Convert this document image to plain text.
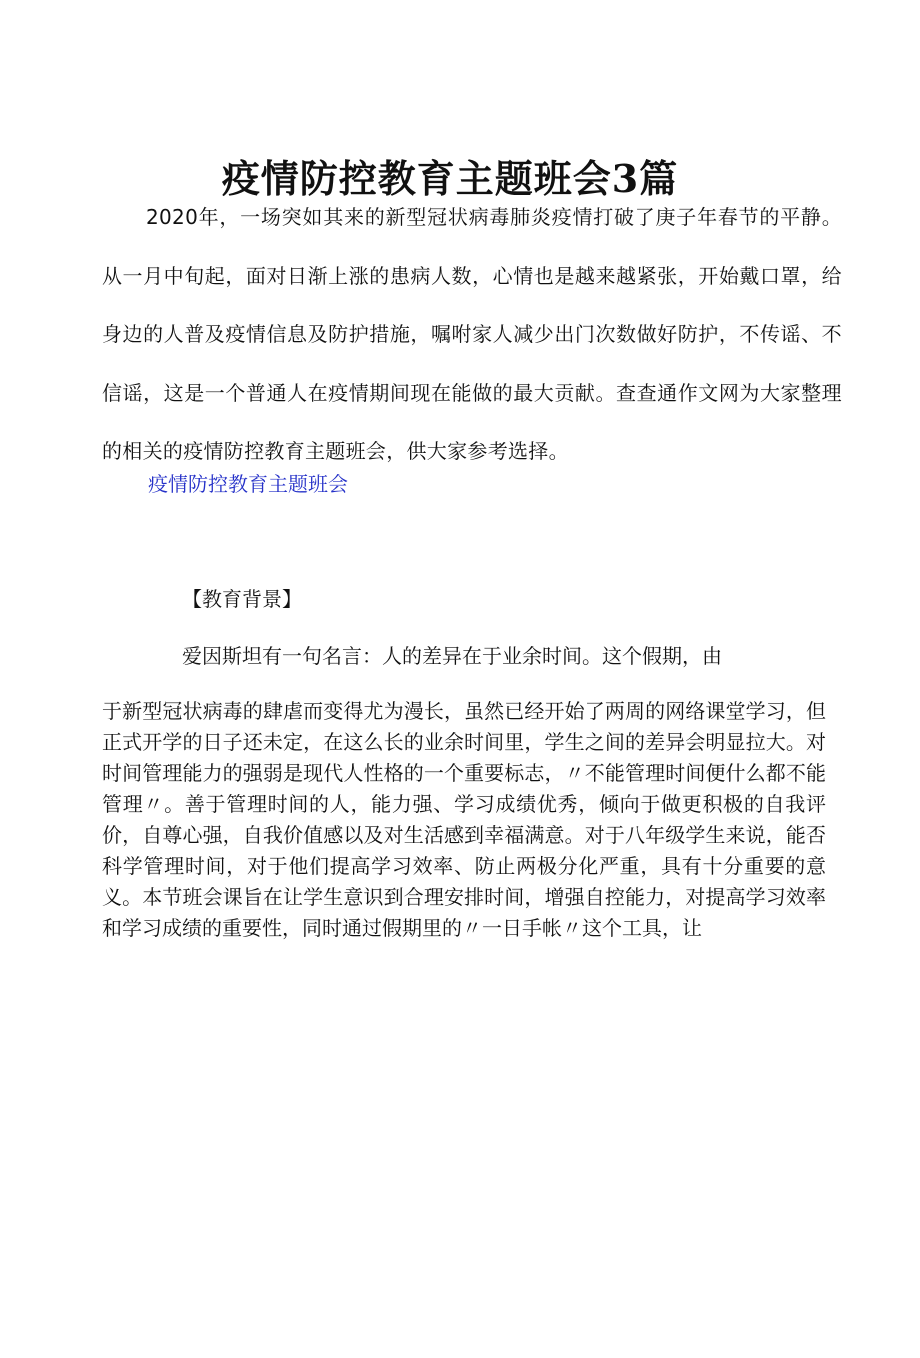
疫情防控教育主题班会3篇

2020年，一场突如其来的新型冠状病毒肺炎疫情打破了庚子年春节的平静。从一月中旬起，面对日渐上涨的患病人数，心情也是越来越紧张，开始戴口罩，给身边的人普及疫情信息及防护措施，嘱咐家人减少出门次数做好防护，不传谣、不信谣，这是一个普通人在疫情期间现在能做的最大贡献。查查通作文网为大家整理的相关的疫情防控教育主题班会，供大家参考选择。

疫情防控教育主题班会
【教育背景】
爱因斯坦有一句名言：人的差异在于业余时间。这个假期，由

于新型冠状病毒的肆虐而变得尤为漫长，虽然已经开始了两周的网络课堂学习，但正式开学的日子还未定，在这么长的业余时间里，学生之间的差异会明显拉大。对时间管理能力的强弱是现代人性格的一个重要标志，〃不能管理时间便什么都不能管理〃。善于管理时间的人，能力强、学习成绩优秀，倾向于做更积极的自我评价，自尊心强，自我价值感以及对生活感到幸福满意。对于八年级学生来说，能否科学管理时间，对于他们提高学习效率、防止两极分化严重，具有十分重要的意义。本节班会课旨在让学生意识到合理安排时间，增强自控能力，对提高学习效率和学习成绩的重要性，同时通过假期里的〃一日手帐〃这个工具，让
